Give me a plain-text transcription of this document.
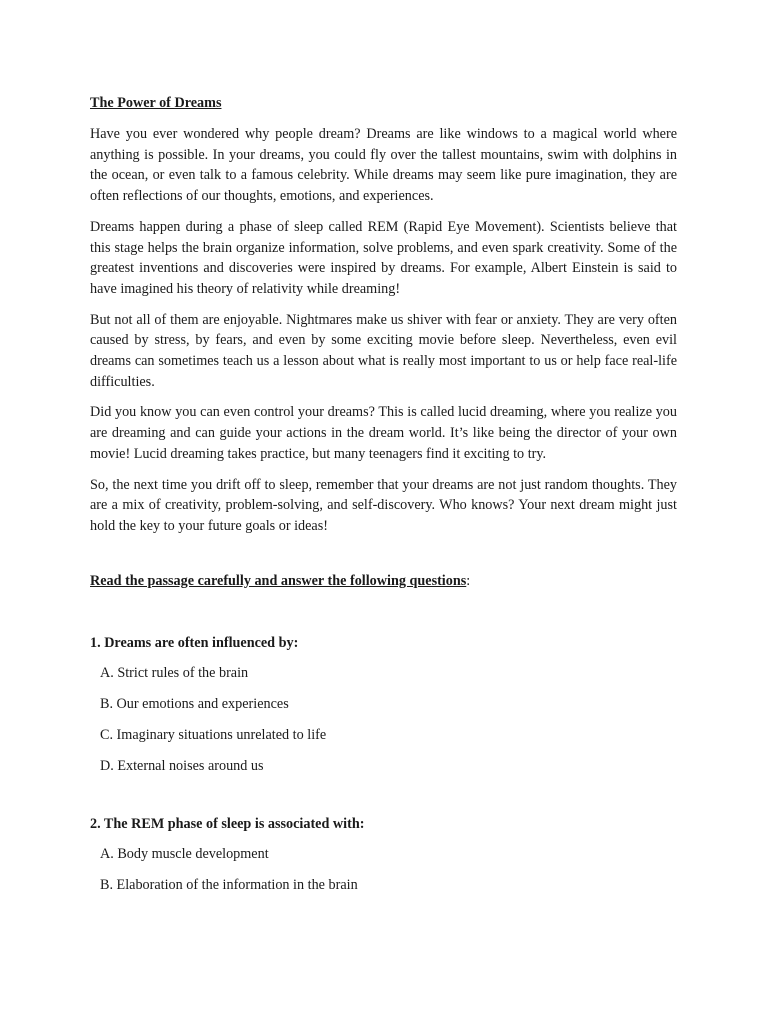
The Power of Dreams

Have you ever wondered why people dream? Dreams are like windows to a magical world where anything is possible. In your dreams, you could fly over the tallest mountains, swim with dolphins in the ocean, or even talk to a famous celebrity. While dreams may seem like pure imagination, they are often reflections of our thoughts, emotions, and experiences.

Dreams happen during a phase of sleep called REM (Rapid Eye Movement). Scientists believe that this stage helps the brain organize information, solve problems, and even spark creativity. Some of the greatest inventions and discoveries were inspired by dreams. For example, Albert Einstein is said to have imagined his theory of relativity while dreaming!

But not all of them are enjoyable. Nightmares make us shiver with fear or anxiety. They are very often caused by stress, by fears, and even by some exciting movie before sleep. Nevertheless, even evil dreams can sometimes teach us a lesson about what is really most important to us or help face real-life difficulties.

Did you know you can even control your dreams? This is called lucid dreaming, where you realize you are dreaming and can guide your actions in the dream world. It’s like being the director of your own movie! Lucid dreaming takes practice, but many teenagers find it exciting to try.

So, the next time you drift off to sleep, remember that your dreams are not just random thoughts. They are a mix of creativity, problem-solving, and self-discovery. Who knows? Your next dream might just hold the key to your future goals or ideas!

Read the passage carefully and answer the following questions:
1. Dreams are often influenced by:
A. Strict rules of the brain
B. Our emotions and experiences
C. Imaginary situations unrelated to life
D. External noises around us
2. The REM phase of sleep is associated with:
A. Body muscle development
B. Elaboration of the information in the brain
